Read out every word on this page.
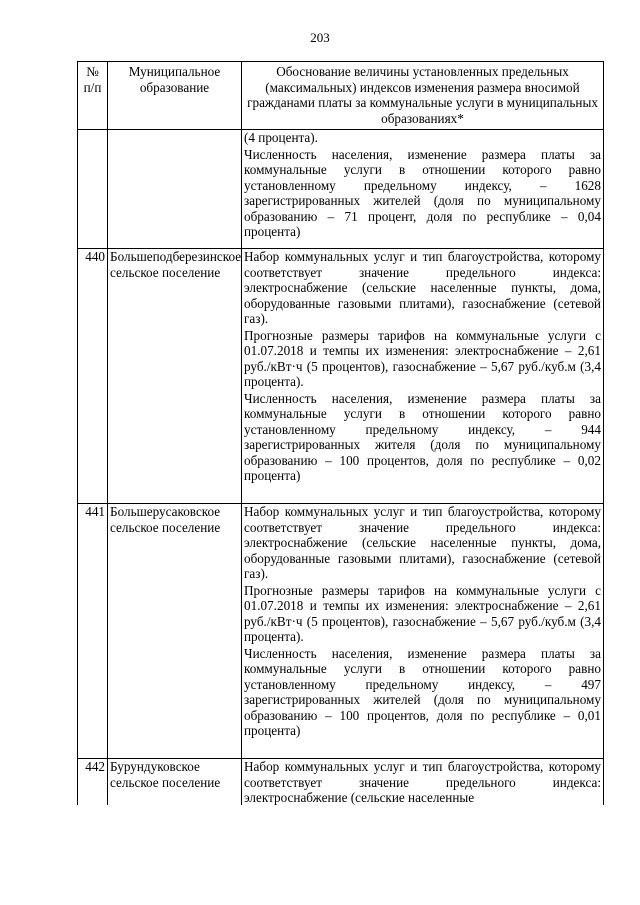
203
№ п/п	Муниципальное образование	Обоснование величины установленных предельных (максимальных) индексов изменения размера вносимой гражданами платы за коммунальные услуги в муниципальных образованиях*

		(4 процента).
Численность населения, изменение размера платы за коммунальные услуги в отношении которого равно установленному предельному индексу, – 1628 зарегистрированных жителей (доля по муниципальному образованию – 71 процент, доля по республике – 0,04 процента)

440	Большеподберезинское сельское поселение	Набор коммунальных услуг и тип благоустройства, которому соответствует значение предельного индекса: электроснабжение (сельские населенные пункты, дома, оборудованные газовыми плитами), газоснабжение (сетевой газ).
Прогнозные размеры тарифов на коммунальные услуги с 01.07.2018 и темпы их изменения: электроснабжение – 2,61 руб./кВт·ч (5 процентов), газоснабжение – 5,67 руб./куб.м (3,4 процента).
Численность населения, изменение размера платы за коммунальные услуги в отношении которого равно установленному предельному индексу, – 944 зарегистрированных жителя (доля по муниципальному образованию – 100 процентов, доля по республике – 0,02 процента)

441	Большерусаковское сельское поселение	Набор коммунальных услуг и тип благоустройства, которому соответствует значение предельного индекса: электроснабжение (сельские населенные пункты, дома, оборудованные газовыми плитами), газоснабжение (сетевой газ).
Прогнозные размеры тарифов на коммунальные услуги с 01.07.2018 и темпы их изменения: электроснабжение – 2,61 руб./кВт·ч (5 процентов), газоснабжение – 5,67 руб./куб.м (3,4 процента).
Численность населения, изменение размера платы за коммунальные услуги в отношении которого равно установленному предельному индексу, – 497 зарегистрированных жителей (доля по муниципальному образованию – 100 процентов, доля по республике – 0,01 процента)

442	Бурундуковское сельское поселение	Набор коммунальных услуг и тип благоустройства, которому соответствует значение предельного индекса: электроснабжение (сельские населенные
